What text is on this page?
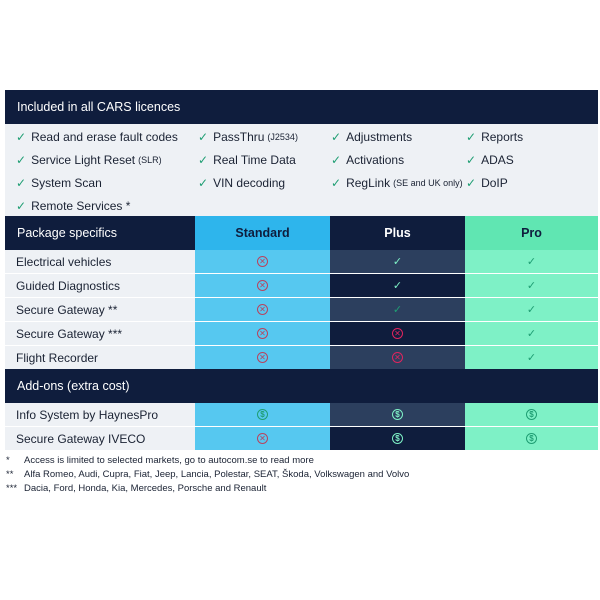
Included in all CARS licences
✓ Read and erase fault codes
✓ Service Light Reset (SLR)
✓ System Scan
✓ Remote Services *
✓ PassThru (J2534)
✓ Real Time Data
✓ VIN decoding
✓ Adjustments
✓ Activations
✓ RegLink (SE and UK only)
✓ Reports
✓ ADAS
✓ DoIP
Package specifics	Standard	Plus	Pro
Electrical vehicles	✕	✓	✓
Guided Diagnostics	✕	✓	✓
Secure Gateway **	✕	✓	✓
Secure Gateway ***	✕	✕	✓
Flight Recorder	✕	✕	✓
Add-ons (extra cost)
Info System by HaynesPro	$	$	$
Secure Gateway IVECO	✕	$	$
* Access is limited to selected markets, go to autocom.se to read more
** Alfa Romeo, Audi, Cupra, Fiat, Jeep, Lancia, Polestar, SEAT, Škoda, Volkswagen and Volvo
*** Dacia, Ford, Honda, Kia, Mercedes, Porsche and Renault
